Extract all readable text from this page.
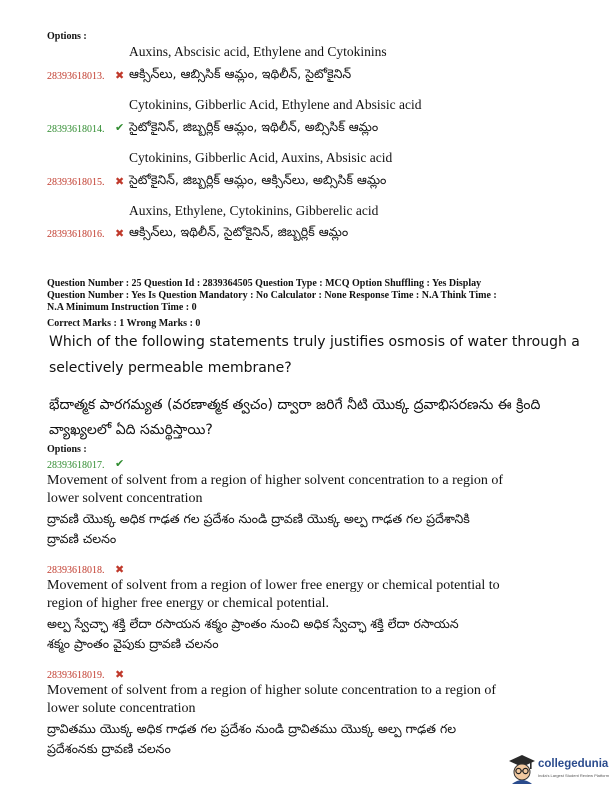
Options :
Auxins, Abscisic acid, Ethylene and Cytokinins
28393618013. ✖ ఆక్సిన్‌లు, ఆబ్సిసిక్ ఆమ్లం, ఇథిలీన్, సైటోకైనిన్
Cytokinins, Gibberlic Acid, Ethylene and Absisic acid
28393618014. ✔ సైటోకైనిన్, జిబ్బర్లిక్ ఆమ్లం, ఇథిలీన్, అబ్సిసిక్ ఆమ్లం
Cytokinins, Gibberlic Acid, Auxins, Absisic acid
28393618015. ✖ సైటోకైనిన్, జిబ్బర్లిక్ ఆమ్లం, ఆక్సిన్‌లు, అబ్సిసిక్ ఆమ్లం
Auxins, Ethylene, Cytokinins, Gibberelic acid
28393618016. ✖ ఆక్సిన్‌లు, ఇథిలీన్, సైటోకైనిన్, జిబ్బర్లిక్ ఆమ్లం
Question Number : 25 Question Id : 2839364505 Question Type : MCQ Option Shuffling : Yes Display
Question Number : Yes Is Question Mandatory : No Calculator : None Response Time : N.A Think Time :
N.A Minimum Instruction Time : 0
Correct Marks : 1 Wrong Marks : 0
Which of the following statements truly justifies osmosis of water through a
selectively permeable membrane?
భేదాత్మక పారగమ్యత (వరణాత్మక త్వచం) ద్వారా జరిగే నీటి యొక్క ద్రవాభిసరణను ఈ క్రింది
వ్యాఖ్యలలో ఏది సమర్థిస్తాయి?
Options :
28393618017. ✔
Movement of solvent from a region of higher solvent concentration to a region of
lower solvent concentration
ద్రావణి యొక్క అధిక గాఢత గల ప్రదేశం నుండి ద్రావణి యొక్క అల్ప గాఢత గల ప్రదేశానికి
ద్రావణి చలనం
28393618018. ✖
Movement of solvent from a region of lower free energy or chemical potential to
region of higher free energy or chemical potential.
అల్ప స్వేచ్ఛా శక్తి లేదా రసాయన శక్మం ప్రాంతం నుంచి అధిక స్వేచ్ఛా శక్తి లేదా రసాయన
శక్మం ప్రాంతం వైపుకు ద్రావణి చలనం
28393618019. ✖
Movement of solvent from a region of higher solute concentration to a region of
lower solute concentration
ద్రావితము యొక్క అధిక గాఢత గల ప్రదేశం నుండి ద్రావితము యొక్క అల్ప గాఢత గల
ప్రదేశంనకు ద్రావణి చలనం
collegedunia
India's Largest Student Review Platform
